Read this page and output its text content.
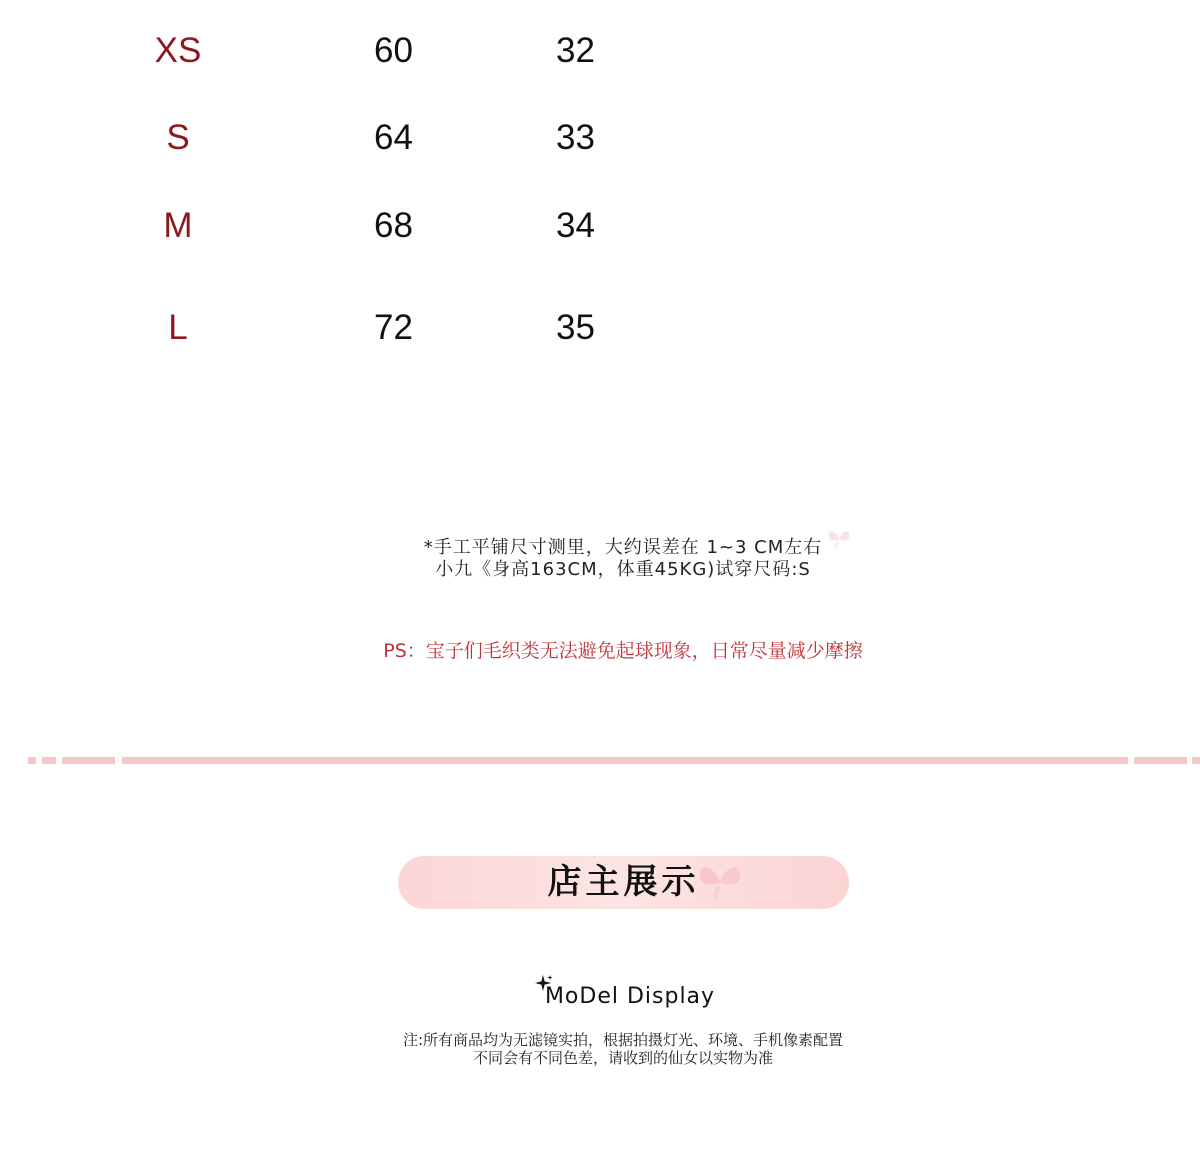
XS	60	32
S	64	33
M	68	34
L	72	35
*手工平铺尺寸测里，大约误差在 1~3 CM左右
小九《身高163CM，体重45KG)试穿尺码:S
PS：宝子们毛织类无法避免起球现象，日常尽量减少摩擦
店主展示
MoDel Display
注:所有商品均为无滤镜实拍，根据拍摄灯光、环境、手机像素配置
不同会有不同色差，请收到的仙女以实物为准
